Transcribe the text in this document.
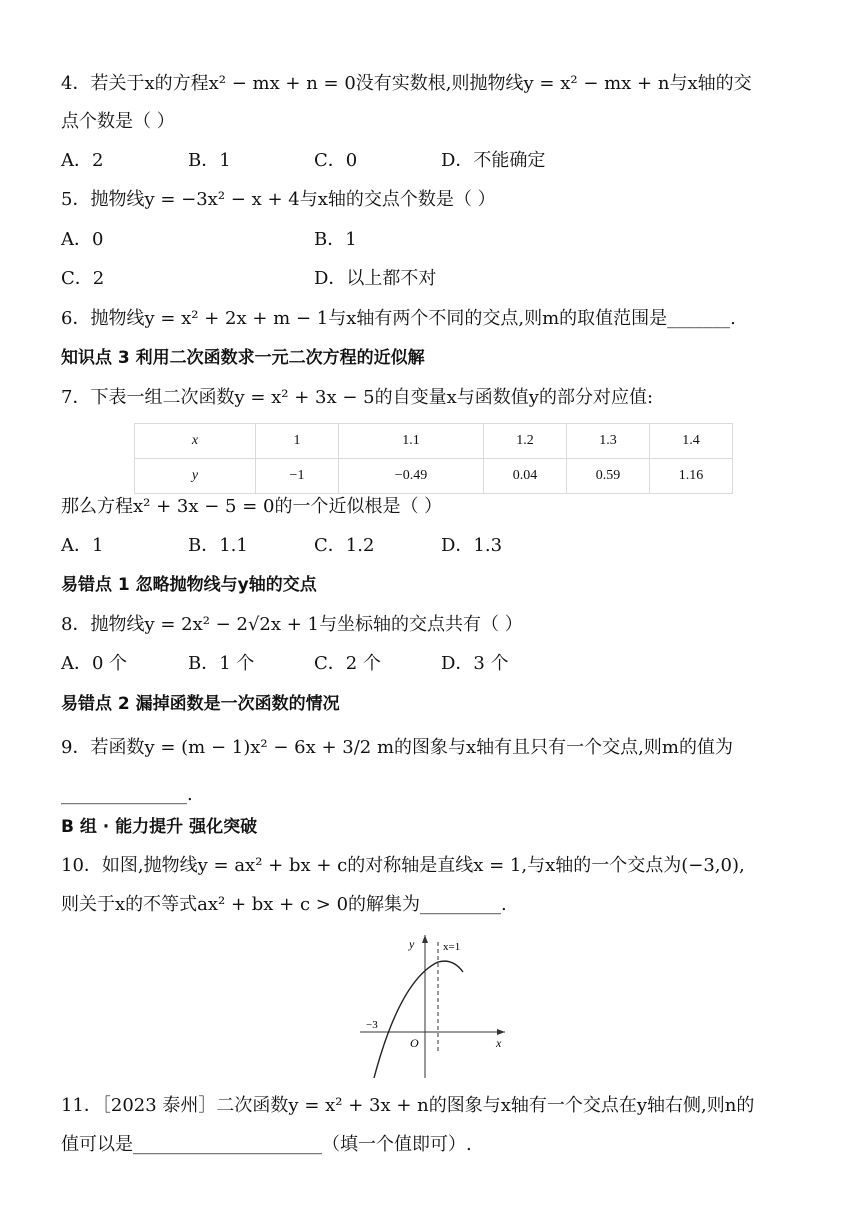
4．若关于x的方程x² − mx + n = 0没有实数根,则抛物线y = x² − mx + n与x轴的交
点个数是（ ）
A．2	B．1	C．0	D．不能确定
5．抛物线y = −3x² − x + 4与x轴的交点个数是（ ）
A．0	B．1
C．2	D．以上都不对
6．抛物线y = x² + 2x + m − 1与x轴有两个不同的交点,则m的取值范围是_______.
知识点 3 利用二次函数求一元二次方程的近似解
7．下表一组二次函数y = x² + 3x − 5的自变量x与函数值y的部分对应值:
x	1	1.1	1.2	1.3	1.4
y	−1	−0.49	0.04	0.59	1.16
那么方程x² + 3x − 5 = 0的一个近似根是（ ）
A．1	B．1.1	C．1.2	D．1.3
易错点 1 忽略抛物线与y轴的交点
8．抛物线y = 2x² − 2√2x + 1与坐标轴的交点共有（ ）
A．0 个	B．1 个	C．2 个	D．3 个
易错点 2 漏掉函数是一次函数的情况
9．若函数y = (m − 1)x² − 6x + 3/2 m的图象与x轴有且只有一个交点,则m的值为
______________.
B 组 · 能力提升 强化突破
10．如图,抛物线y = ax² + bx + c的对称轴是直线x = 1,与x轴的一个交点为(−3,0),
则关于x的不等式ax² + bx + c > 0的解集为_________.
y
x
O
−3
x=1
11．［2023 泰州］二次函数y = x² + 3x + n的图象与x轴有一个交点在y轴右侧,则n的
值可以是_____________________（填一个值即可）.
